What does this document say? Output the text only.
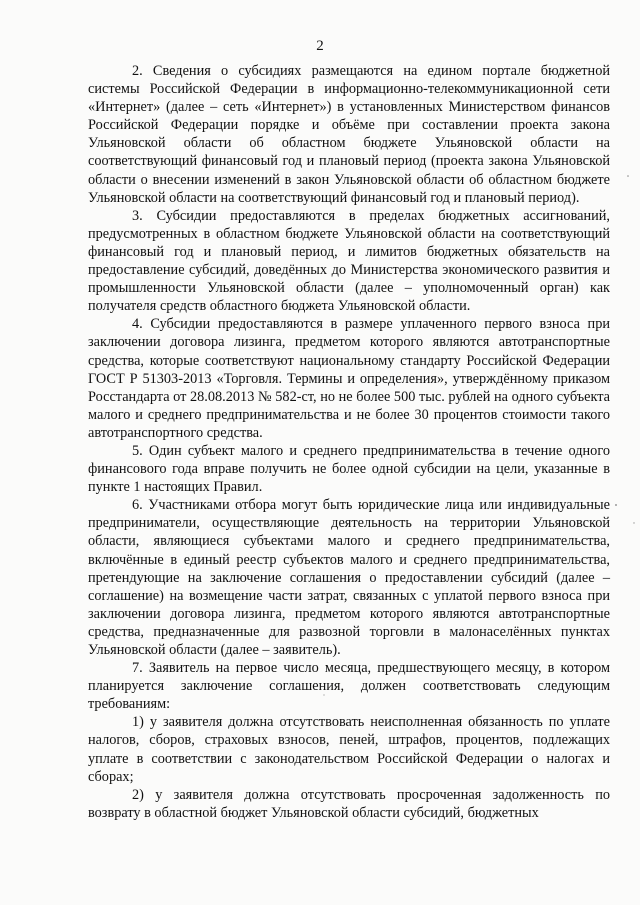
2

2. Сведения о субсидиях размещаются на едином портале бюджетной системы Российской Федерации в информационно-телекоммуникационной сети «Интернет» (далее – сеть «Интернет») в установленных Министерством финансов Российской Федерации порядке и объёме при составлении проекта закона Ульяновской области об областном бюджете Ульяновской области на соответствующий финансовый год и плановый период (проекта закона Ульяновской области о внесении изменений в закон Ульяновской области об областном бюджете Ульяновской области на соответствующий финансовый год и плановый период).

3. Субсидии предоставляются в пределах бюджетных ассигнований, предусмотренных в областном бюджете Ульяновской области на соответствующий финансовый год и плановый период, и лимитов бюджетных обязательств на предоставление субсидий, доведённых до Министерства экономического развития и промышленности Ульяновской области (далее – уполномоченный орган) как получателя средств областного бюджета Ульяновской области.

4. Субсидии предоставляются в размере уплаченного первого взноса при заключении договора лизинга, предметом которого являются автотранспортные средства, которые соответствуют национальному стандарту Российской Федерации ГОСТ Р 51303-2013 «Торговля. Термины и определения», утверждённому приказом Росстандарта от 28.08.2013 № 582-ст, но не более 500 тыс. рублей на одного субъекта малого и среднего предпринимательства и не более 30 процентов стоимости такого автотранспортного средства.

5. Один субъект малого и среднего предпринимательства в течение одного финансового года вправе получить не более одной субсидии на цели, указанные в пункте 1 настоящих Правил.

6. Участниками отбора могут быть юридические лица или индивидуальные предприниматели, осуществляющие деятельность на территории Ульяновской области, являющиеся субъектами малого и среднего предпринимательства, включённые в единый реестр субъектов малого и среднего предпринимательства, претендующие на заключение соглашения о предоставлении субсидий (далее – соглашение) на возмещение части затрат, связанных с уплатой первого взноса при заключении договора лизинга, предметом которого являются автотранспортные средства, предназначенные для развозной торговли в малонаселённых пунктах Ульяновской области (далее – заявитель).

7. Заявитель на первое число месяца, предшествующего месяцу, в котором планируется заключение соглашения, должен соответствовать следующим требованиям:

1) у заявителя должна отсутствовать неисполненная обязанность по уплате налогов, сборов, страховых взносов, пеней, штрафов, процентов, подлежащих уплате в соответствии с законодательством Российской Федерации о налогах и сборах;

2) у заявителя должна отсутствовать просроченная задолженность по возврату в областной бюджет Ульяновской области субсидий, бюджетных
